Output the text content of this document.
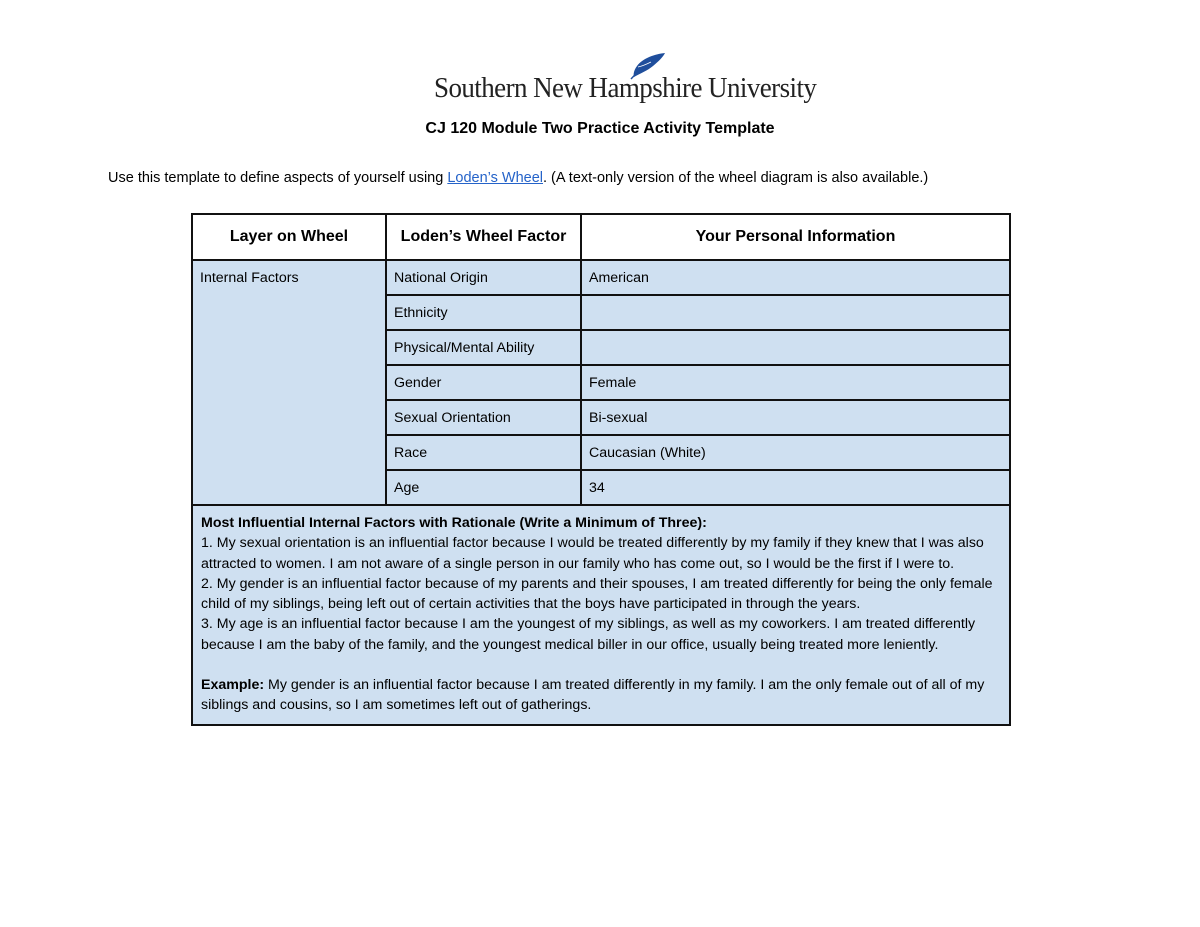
Southern New Hampshire University
CJ 120 Module Two Practice Activity Template
Use this template to define aspects of yourself using Loden’s Wheel. (A text-only version of the wheel diagram is also available.)
Layer on Wheel	Loden’s Wheel Factor	Your Personal Information
Internal Factors	National Origin	American
	Ethnicity	
	Physical/Mental Ability	
	Gender	Female
	Sexual Orientation	Bi-sexual
	Race	Caucasian (White)
	Age	34

Most Influential Internal Factors with Rationale (Write a Minimum of Three):
1. My sexual orientation is an influential factor because I would be treated differently by my family if they knew that I was also attracted to women. I am not aware of a single person in our family who has come out, so I would be the first if I were to.
2. My gender is an influential factor because of my parents and their spouses, I am treated differently for being the only female child of my siblings, being left out of certain activities that the boys have participated in through the years.
3. My age is an influential factor because I am the youngest of my siblings, as well as my coworkers. I am treated differently because I am the baby of the family, and the youngest medical biller in our office, usually being treated more leniently.
Example: My gender is an influential factor because I am treated differently in my family. I am the only female out of all of my siblings and cousins, so I am sometimes left out of gatherings.		
